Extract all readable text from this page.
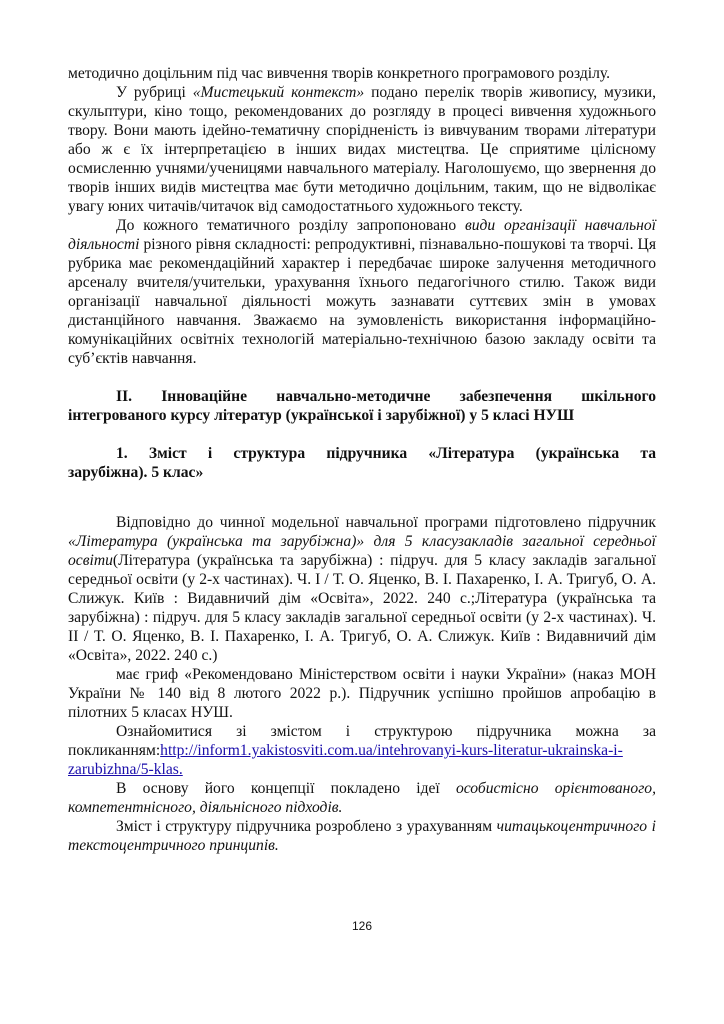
методично доцільним під час вивчення творів конкретного програмового розділу.

У рубриці «Мистецький контекст» подано перелік творів живопису, музики, скульптури, кіно тощо, рекомендованих до розгляду в процесі вивчення художнього твору. Вони мають ідейно-тематичну спорідненість із вивчуваним творами літератури або ж є їх інтерпретацією в інших видах мистецтва. Це сприятиме цілісному осмисленню учнями/ученицями навчального матеріалу. Наголошуємо, що звернення до творів інших видів мистецтва має бути методично доцільним, таким, що не відволікає увагу юних читачів/читачок від самодостатнього художнього тексту.

До кожного тематичного розділу запропоновано види організації навчальної діяльності різного рівня складності: репродуктивні, пізнавально-пошукові та творчі. Ця рубрика має рекомендаційний характер і передбачає широке залучення методичного арсеналу вчителя/учительки, урахування їхнього педагогічного стилю. Також види організації навчальної діяльності можуть зазнавати суттєвих змін в умовах дистанційного навчання. Зважаємо на зумовленість використання інформаційно-комунікаційних освітніх технологій матеріально-технічною базою закладу освіти та суб’єктів навчання.

ІІ. Інноваційне навчально-методичне забезпечення шкільного
інтегрованого курсу літератур (української і зарубіжної) у 5 класі НУШ
1. Зміст і структура підручника «Література (українська та
зарубіжна). 5 клас»

Відповідно до чинної модельної навчальної програми підготовлено підручник «Література (українська та зарубіжна)» для 5 класузакладів загальної середньої освіти(Література (українська та зарубіжна) : підруч. для 5 класу закладів загальної середньої освіти (у 2-х частинах). Ч. І / Т. О. Яценко, В. І. Пахаренко, І. А. Тригуб, О. А. Слижук. Київ : Видавничий дім «Освіта», 2022. 240 с.;Література (українська та зарубіжна) : підруч. для 5 класу закладів загальної середньої освіти (у 2-х частинах). Ч. ІІ / Т. О. Яценко, В. І. Пахаренко, І. А. Тригуб, О. А. Слижук. Київ : Видавничий дім «Освіта», 2022. 240 с.)

має гриф «Рекомендовано Міністерством освіти і науки України» (наказ МОН України № 140 від 8 лютого 2022 р.). Підручник успішно пройшов апробацію в пілотних 5 класах НУШ.

Ознайомитися зі змістом і структурою підручника можна за покликанням:http://inform1.yakistosviti.com.ua/intehrovanyi-kurs-literatur-ukrainska-i-zarubizhna/5-klas.

В основу його концепції покладено ідеї особистісно орієнтованого, компетентнісного, діяльнісного підходів.

Зміст і структуру підручника розроблено з урахуванням читацькоцентричного і текстоцентричного принципів.

126
